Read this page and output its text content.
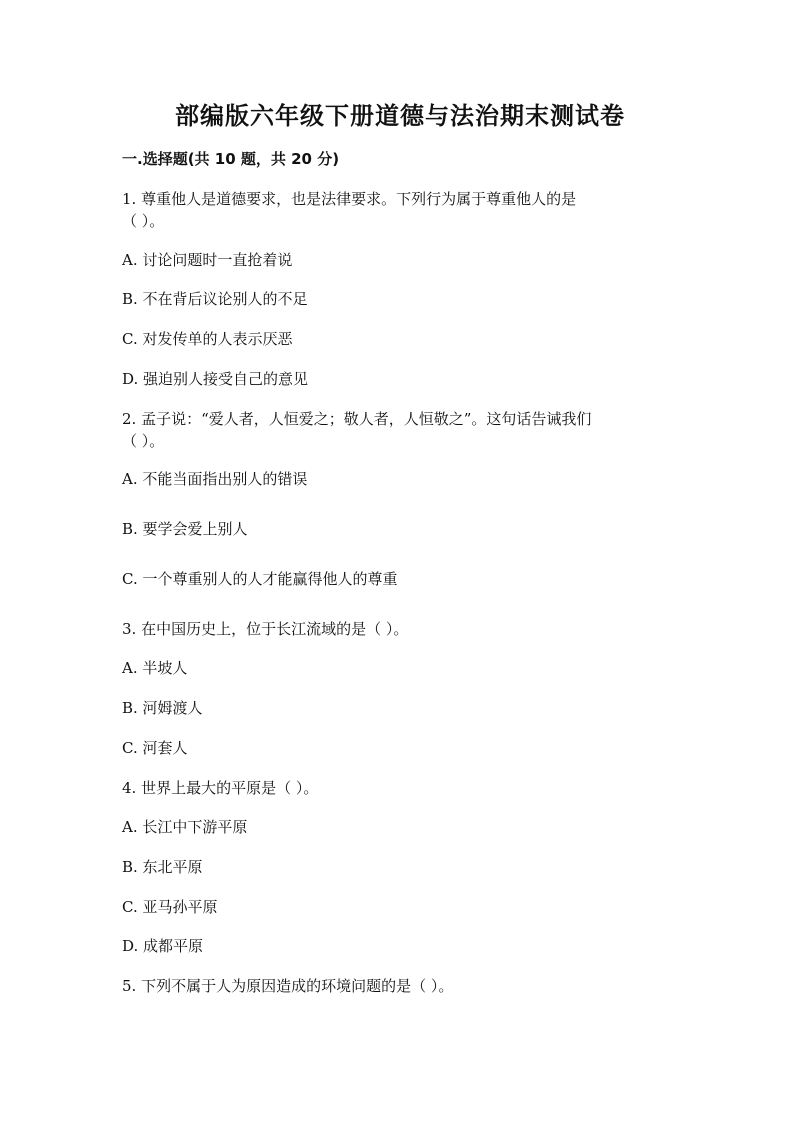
部编版六年级下册道德与法治期末测试卷
一.选择题(共 10 题，共 20 分)
1. 尊重他人是道德要求，也是法律要求。下列行为属于尊重他人的是
（ ）。
A. 讨论问题时一直抢着说
B. 不在背后议论别人的不足
C. 对发传单的人表示厌恶
D. 强迫别人接受自己的意见
2. 孟子说：“爱人者，人恒爱之；敬人者，人恒敬之”。这句话告诫我们
（ ）。
A. 不能当面指出别人的错误
B. 要学会爱上别人
C. 一个尊重别人的人才能赢得他人的尊重
3. 在中国历史上，位于长江流域的是（ ）。
A. 半坡人
B. 河姆渡人
C. 河套人
4. 世界上最大的平原是（ ）。
A. 长江中下游平原
B. 东北平原
C. 亚马孙平原
D. 成都平原
5. 下列不属于人为原因造成的环境问题的是（ ）。
